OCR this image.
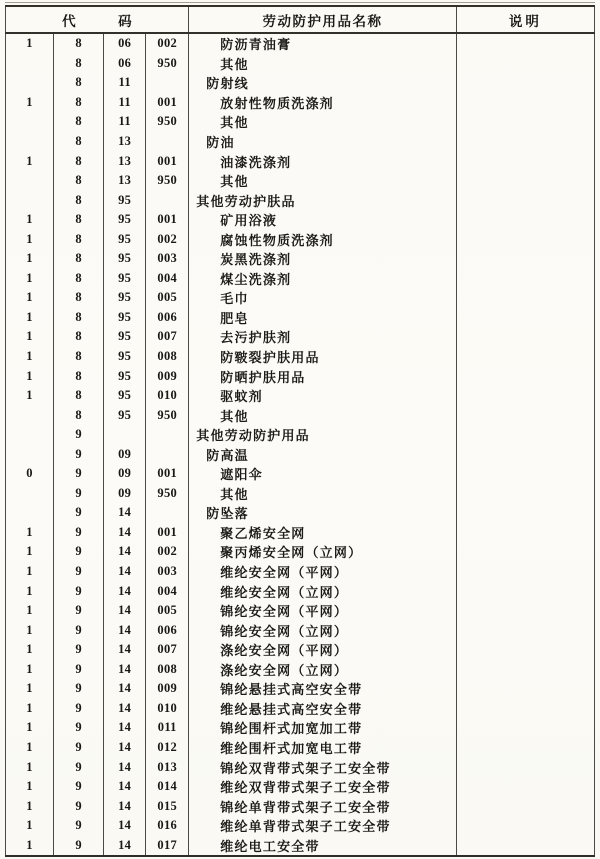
代　　　码				劳动防护用品名称	说明
1	8	06	002	防沥青油膏	
	8	06	950	其他	
	8	11		防射线	
1	8	11	001	放射性物质洗涤剂	
	8	11	950	其他	
	8	13		防油	
1	8	13	001	油漆洗涤剂	
	8	13	950	其他	
	8	95		其他劳动护肤品	
1	8	95	001	矿用浴液	
1	8	95	002	腐蚀性物质洗涤剂	
1	8	95	003	炭黑洗涤剂	
1	8	95	004	煤尘洗涤剂	
1	8	95	005	毛巾	
1	8	95	006	肥皂	
1	8	95	007	去污护肤剂	
1	8	95	008	防皲裂护肤用品	
1	8	95	009	防晒护肤用品	
1	8	95	010	驱蚊剂	
	8	95	950	其他	
	9			其他劳动防护用品	
	9	09		防高温	
0	9	09	001	遮阳伞	
	9	09	950	其他	
	9	14		防坠落	
1	9	14	001	聚乙烯安全网	
1	9	14	002	聚丙烯安全网（立网）	
1	9	14	003	维纶安全网（平网）	
1	9	14	004	维纶安全网（立网）	
1	9	14	005	锦纶安全网（平网）	
1	9	14	006	锦纶安全网（立网）	
1	9	14	007	涤纶安全网（平网）	
1	9	14	008	涤纶安全网（立网）	
1	9	14	009	锦纶悬挂式高空安全带	
1	9	14	010	维纶悬挂式高空安全带	
1	9	14	011	锦纶围杆式加宽加工带	
1	9	14	012	维纶围杆式加宽电工带	
1	9	14	013	锦纶双背带式架子工安全带	
1	9	14	014	维纶双背带式架子工安全带	
1	9	14	015	锦纶单背带式架子工安全带	
1	9	14	016	维纶单背带式架子工安全带	
1	9	14	017	维纶电工安全带	
